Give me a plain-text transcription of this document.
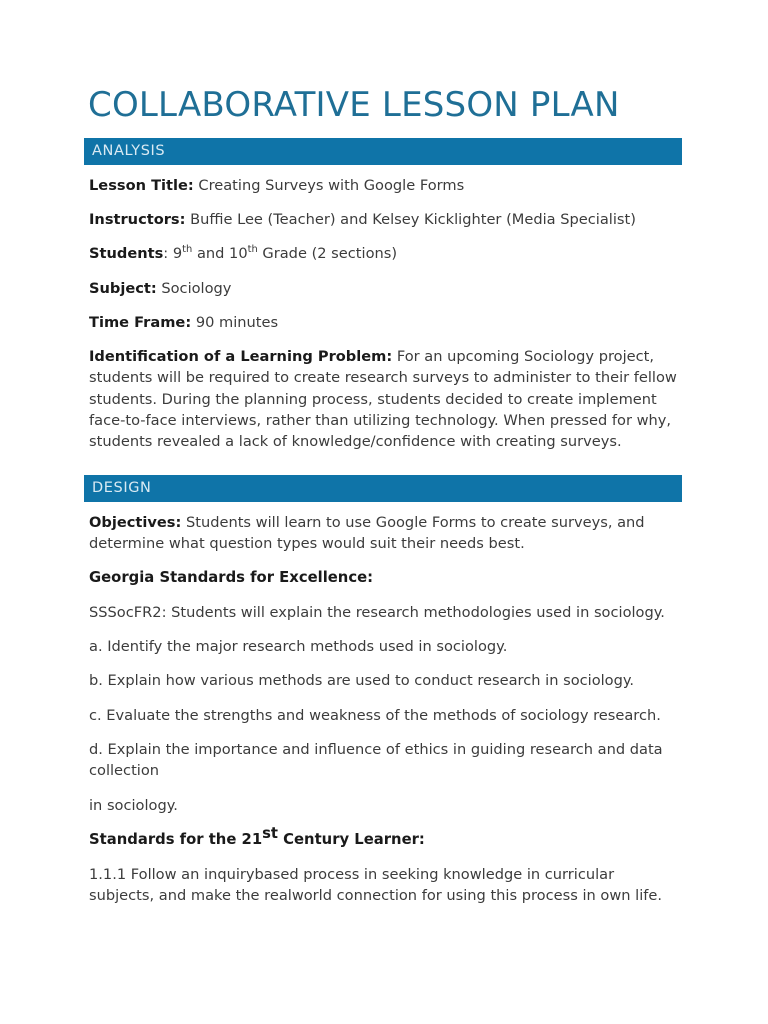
COLLABORATIVE LESSON PLAN
ANALYSIS

Lesson Title: Creating Surveys with Google Forms

Instructors: Buffie Lee (Teacher) and Kelsey Kicklighter (Media Specialist)

Students: 9th and 10th Grade (2 sections)

Subject: Sociology

Time Frame: 90 minutes

Identification of a Learning Problem: For an upcoming Sociology project, students will be required to create research surveys to administer to their fellow students. During the planning process, students decided to create implement face-to-face interviews, rather than utilizing technology. When pressed for why, students revealed a lack of knowledge/confidence with creating surveys.

DESIGN

Objectives: Students will learn to use Google Forms to create surveys, and determine what question types would suit their needs best.

Georgia Standards for Excellence:

SSSocFR2: Students will explain the research methodologies used in sociology.

a. Identify the major research methods used in sociology.

b. Explain how various methods are used to conduct research in sociology.

c. Evaluate the strengths and weakness of the methods of sociology research.

d. Explain the importance and influence of ethics in guiding research and data collection

in sociology.

Standards for the 21st Century Learner:

1.1.1 Follow an inquirybased process in seeking knowledge in curricular subjects, and make the realworld connection for using this process in own life.
